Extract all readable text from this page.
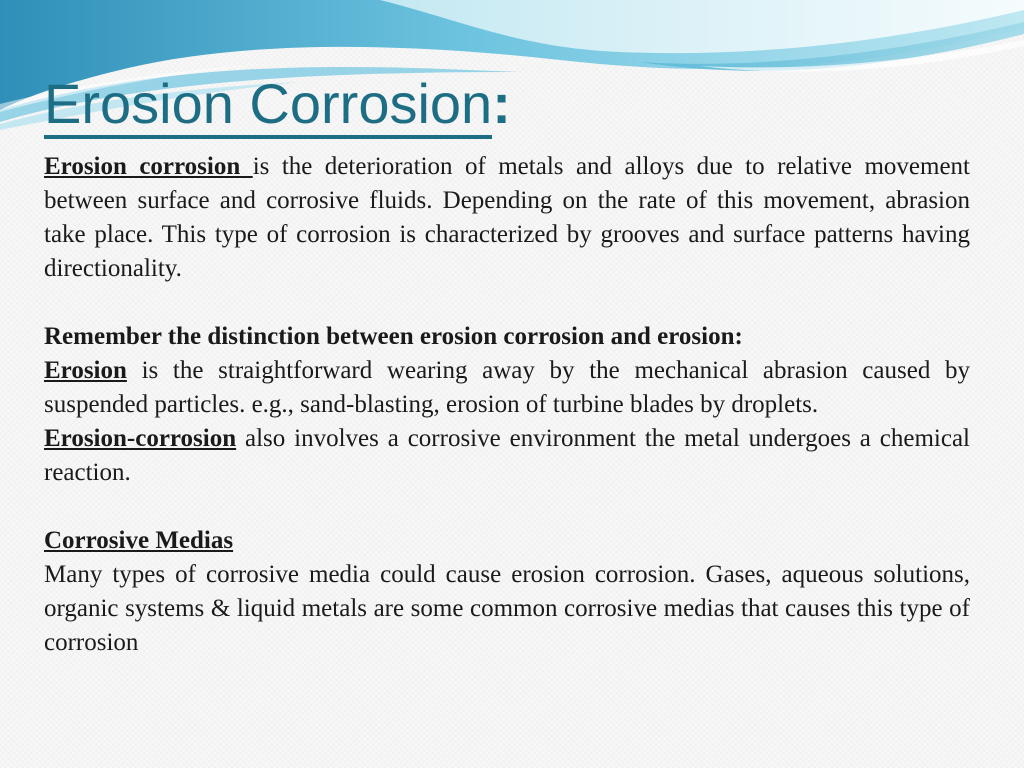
Erosion Corrosion:

Erosion corrosion is the deterioration of metals and alloys due to relative movement between surface and corrosive fluids. Depending on the rate of this movement, abrasion take place. This type of corrosion is characterized by grooves and surface patterns having directionality.

Remember the distinction between erosion corrosion and erosion:

Erosion is the straightforward wearing away by the mechanical abrasion caused by suspended particles. e.g., sand-blasting, erosion of turbine blades by droplets.

Erosion-corrosion also involves a corrosive environment the metal undergoes a chemical reaction.

Corrosive Medias

Many types of corrosive media could cause erosion corrosion. Gases, aqueous solutions, organic systems & liquid metals are some common corrosive medias that causes this type of corrosion
